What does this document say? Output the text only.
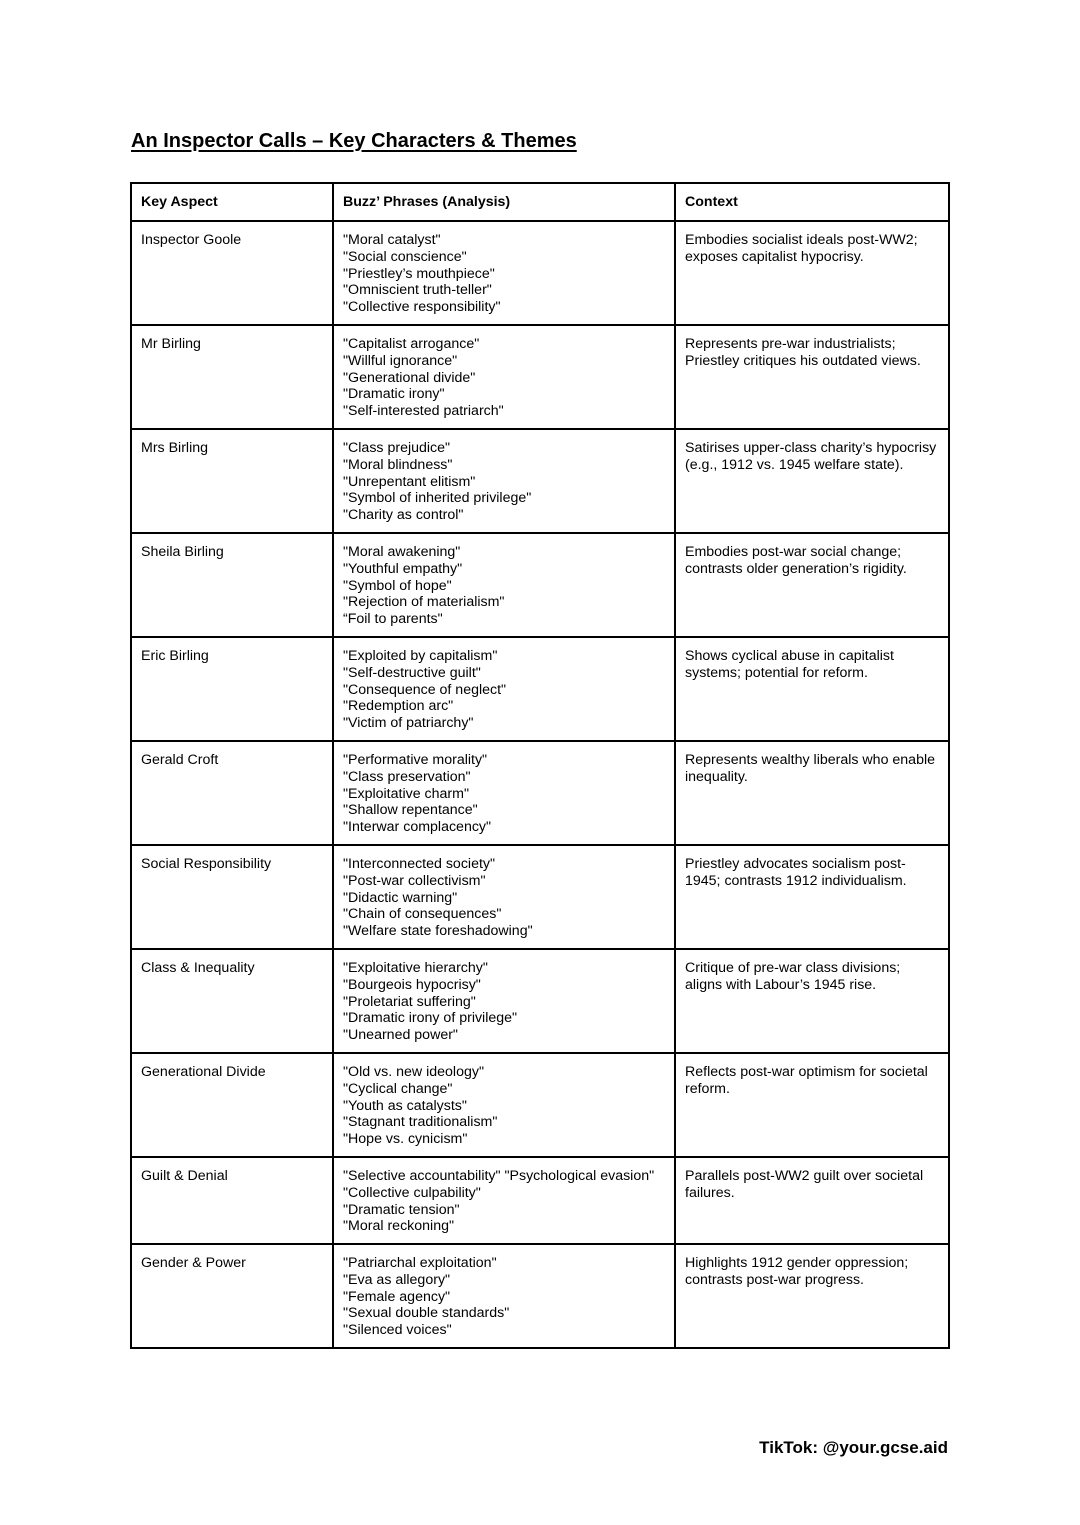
An Inspector Calls – Key Characters & Themes
Key Aspect	Buzz’ Phrases (Analysis)	Context
Inspector Goole	"Moral catalyst"
"Social conscience"
"Priestley’s mouthpiece"
"Omniscient truth-teller"
"Collective responsibility"	Embodies socialist ideals post-WW2; exposes capitalist hypocrisy.
Mr Birling	"Capitalist arrogance"
"Willful ignorance"
"Generational divide"
"Dramatic irony"
"Self-interested patriarch"	Represents pre-war industrialists; Priestley critiques his outdated views.
Mrs Birling	"Class prejudice"
"Moral blindness"
"Unrepentant elitism"
"Symbol of inherited privilege"
"Charity as control"	Satirises upper-class charity’s hypocrisy (e.g., 1912 vs. 1945 welfare state).
Sheila Birling	"Moral awakening"
"Youthful empathy"
"Symbol of hope"
"Rejection of materialism"
“Foil to parents"	Embodies post-war social change; contrasts older generation’s rigidity.
Eric Birling	"Exploited by capitalism"
"Self-destructive guilt"
"Consequence of neglect"
"Redemption arc"
"Victim of patriarchy"	Shows cyclical abuse in capitalist systems; potential for reform.
Gerald Croft	"Performative morality"
"Class preservation"
"Exploitative charm"
"Shallow repentance"
"Interwar complacency"	Represents wealthy liberals who enable inequality.
Social Responsibility	"Interconnected society"
"Post-war collectivism"
"Didactic warning"
"Chain of consequences"
"Welfare state foreshadowing"	Priestley advocates socialism post-1945; contrasts 1912 individualism.
Class & Inequality	"Exploitative hierarchy"
"Bourgeois hypocrisy"
"Proletariat suffering"
"Dramatic irony of privilege"
"Unearned power"	Critique of pre-war class divisions; aligns with Labour’s 1945 rise.
Generational Divide	"Old vs. new ideology"
"Cyclical change"
"Youth as catalysts"
"Stagnant traditionalism"
"Hope vs. cynicism"	Reflects post-war optimism for societal reform.
Guilt & Denial	"Selective accountability" "Psychological evasion"
"Collective culpability"
"Dramatic tension"
"Moral reckoning"	Parallels post-WW2 guilt over societal failures.
Gender & Power	"Patriarchal exploitation"
"Eva as allegory"
"Female agency"
"Sexual double standards"
"Silenced voices"	Highlights 1912 gender oppression; contrasts post-war progress.
TikTok: @your.gcse.aid
